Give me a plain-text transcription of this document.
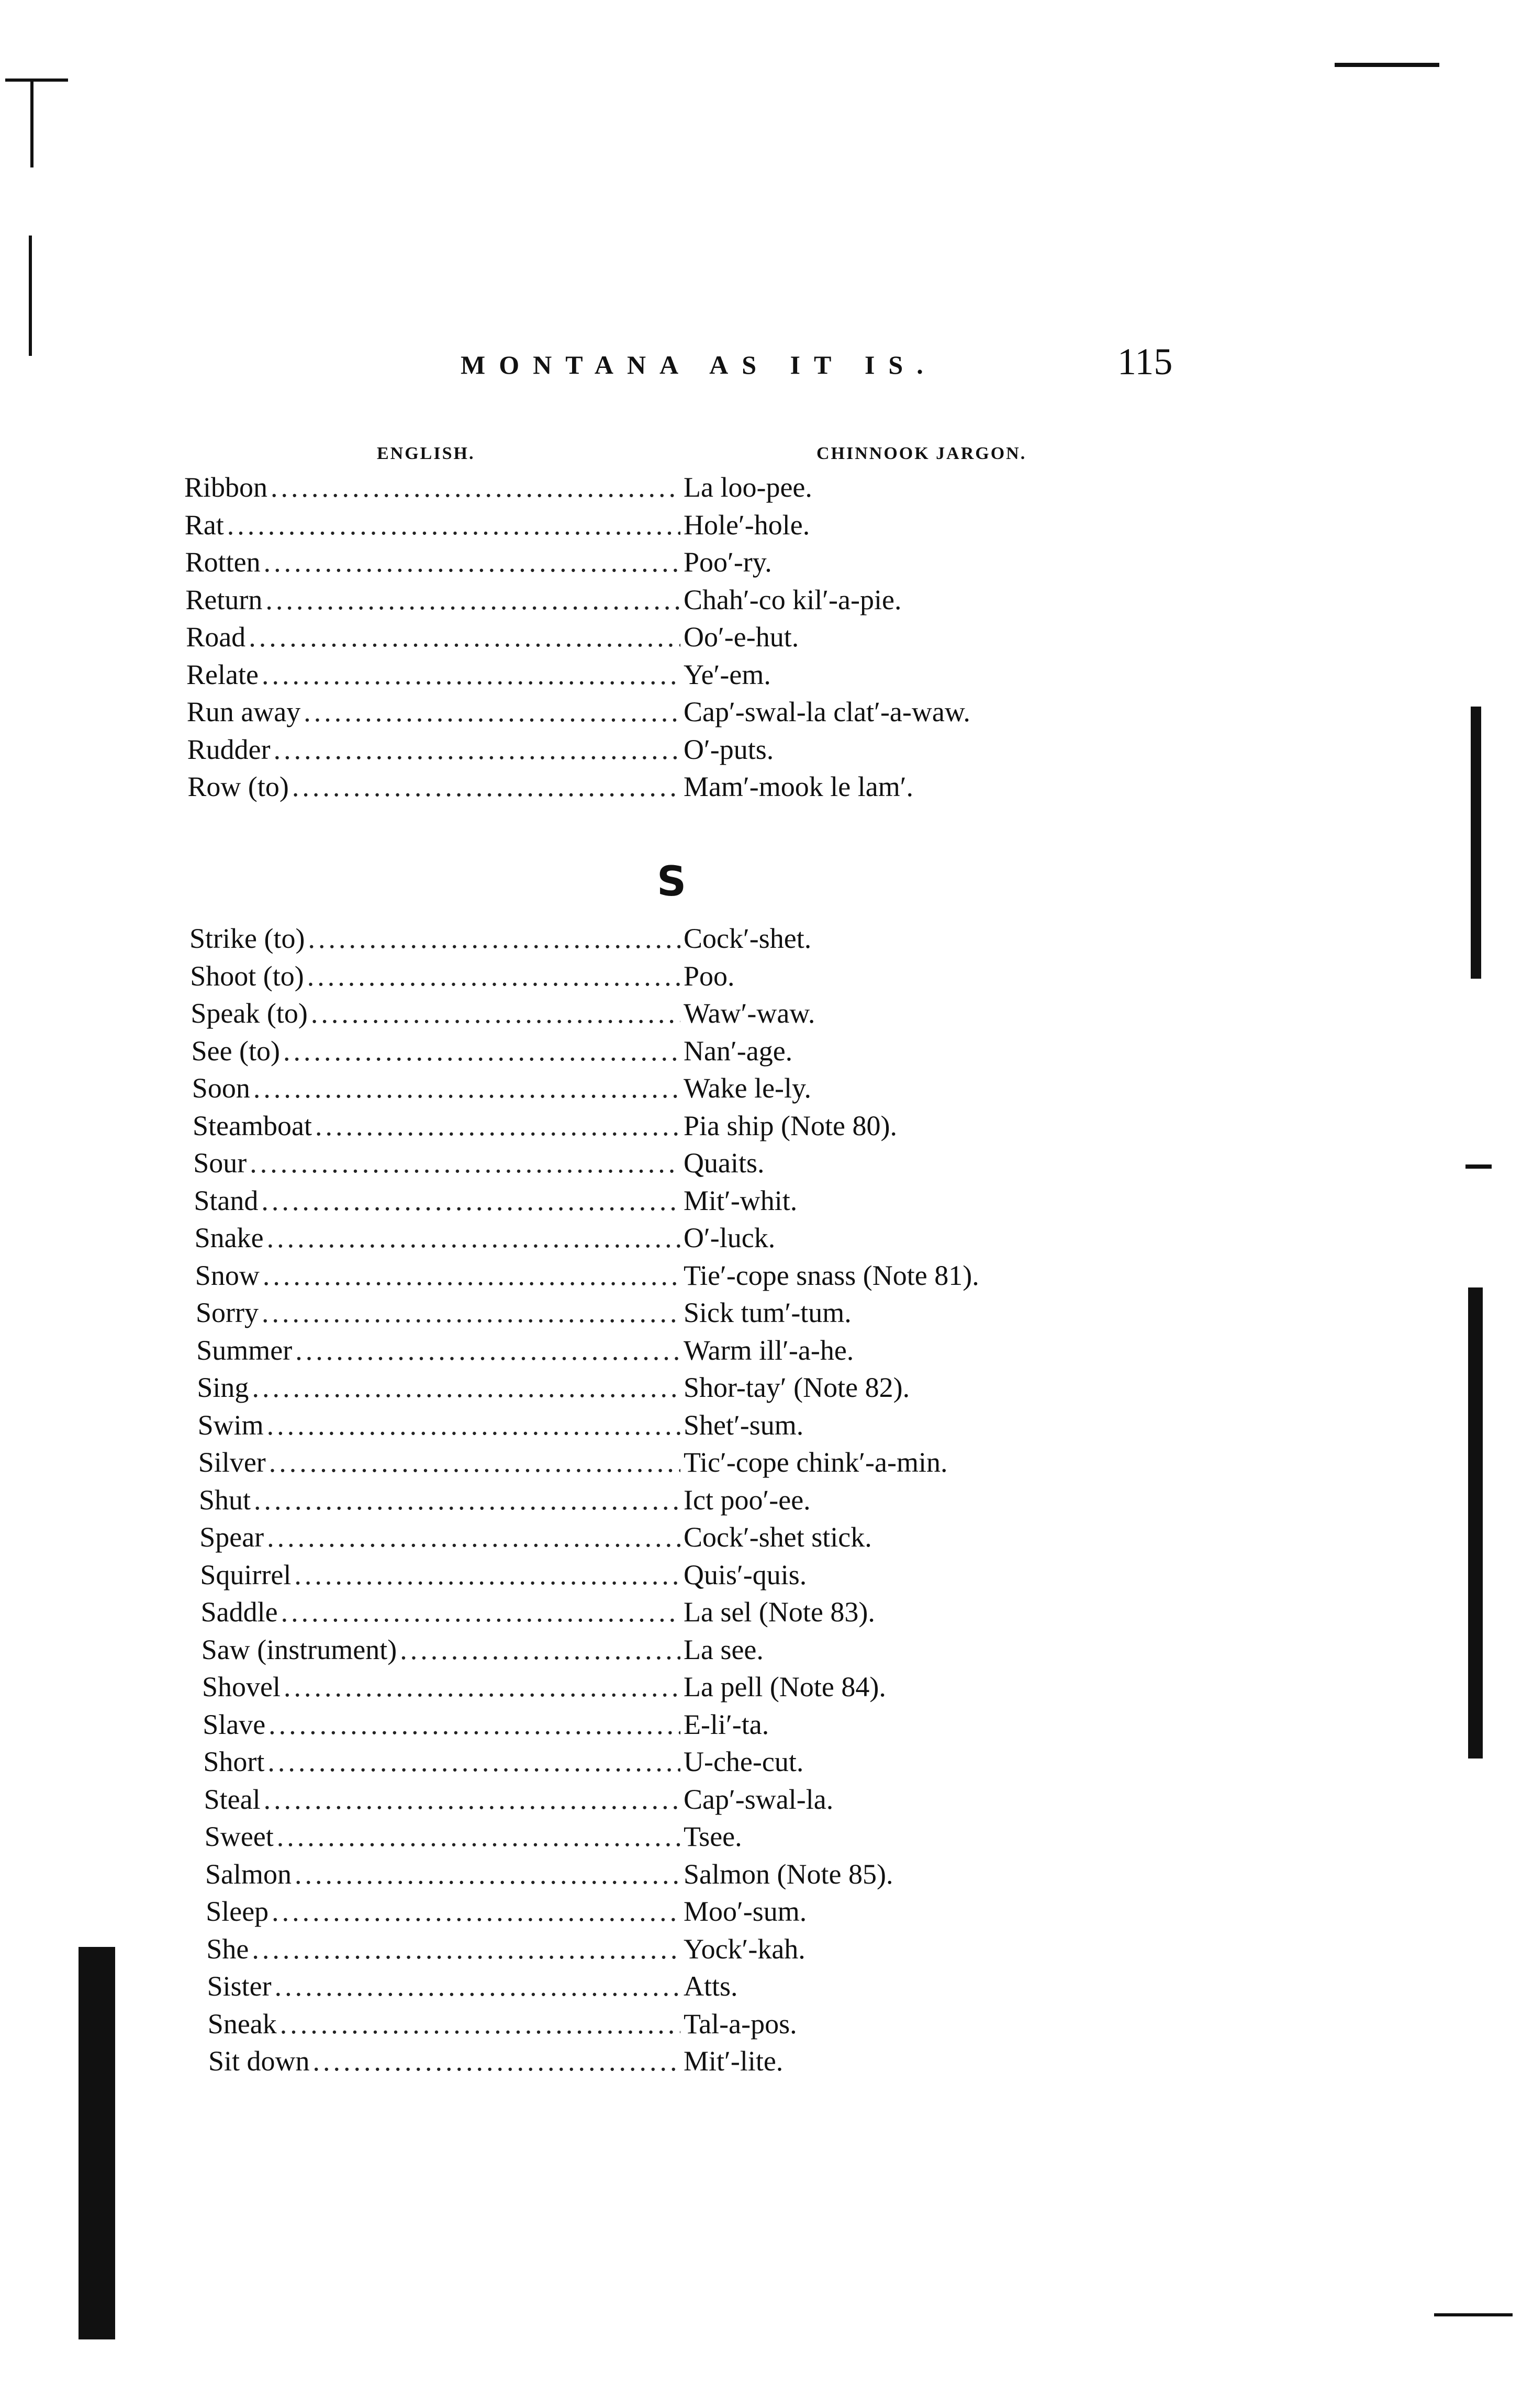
MONTANA AS IT IS.	115
ENGLISH.	CHINNOOK JARGON.
Ribbon .....	La loo-pee.
Rat .....	Hole′-hole.
Rotten .....	Poo′-ry.
Return .....	Chah′-co kil′-a-pie.
Road .....	Oo′-e-hut.
Relate .....	Ye′-em.
Run away .....	Cap′-swal-la clat′-a-waw.
Rudder .....	O′-puts.
Row (to) .....	Mam′-mook le lam′.
S
Strike (to) .....	Cock′-shet.
Shoot (to) .....	Poo.
Speak (to) .....	Waw′-waw.
See (to) .....	Nan′-age.
Soon .....	Wake le-ly.
Steamboat .....	Pia ship (Note 80).
Sour .....	Quaits.
Stand .....	Mit′-whit.
Snake .....	O′-luck.
Snow .....	Tie′-cope snass (Note 81).
Sorry .....	Sick tum′-tum.
Summer .....	Warm ill′-a-he.
Sing .....	Shor-tay′ (Note 82).
Swim .....	Shet′-sum.
Silver .....	Tic′-cope chink′-a-min.
Shut .....	Ict poo′-ee.
Spear .....	Cock′-shet stick.
Squirrel .....	Quis′-quis.
Saddle .....	La sel (Note 83).
Saw (instrument) .....	La see.
Shovel .....	La pell (Note 84).
Slave .....	E-li′-ta.
Short .....	U-che-cut.
Steal .....	Cap′-swal-la.
Sweet .....	Tsee.
Salmon .....	Salmon (Note 85).
Sleep .....	Moo′-sum.
She .....	Yock′-kah.
Sister .....	Atts.
Sneak .....	Tal-a-pos.
Sit down .....	Mit′-lite.
